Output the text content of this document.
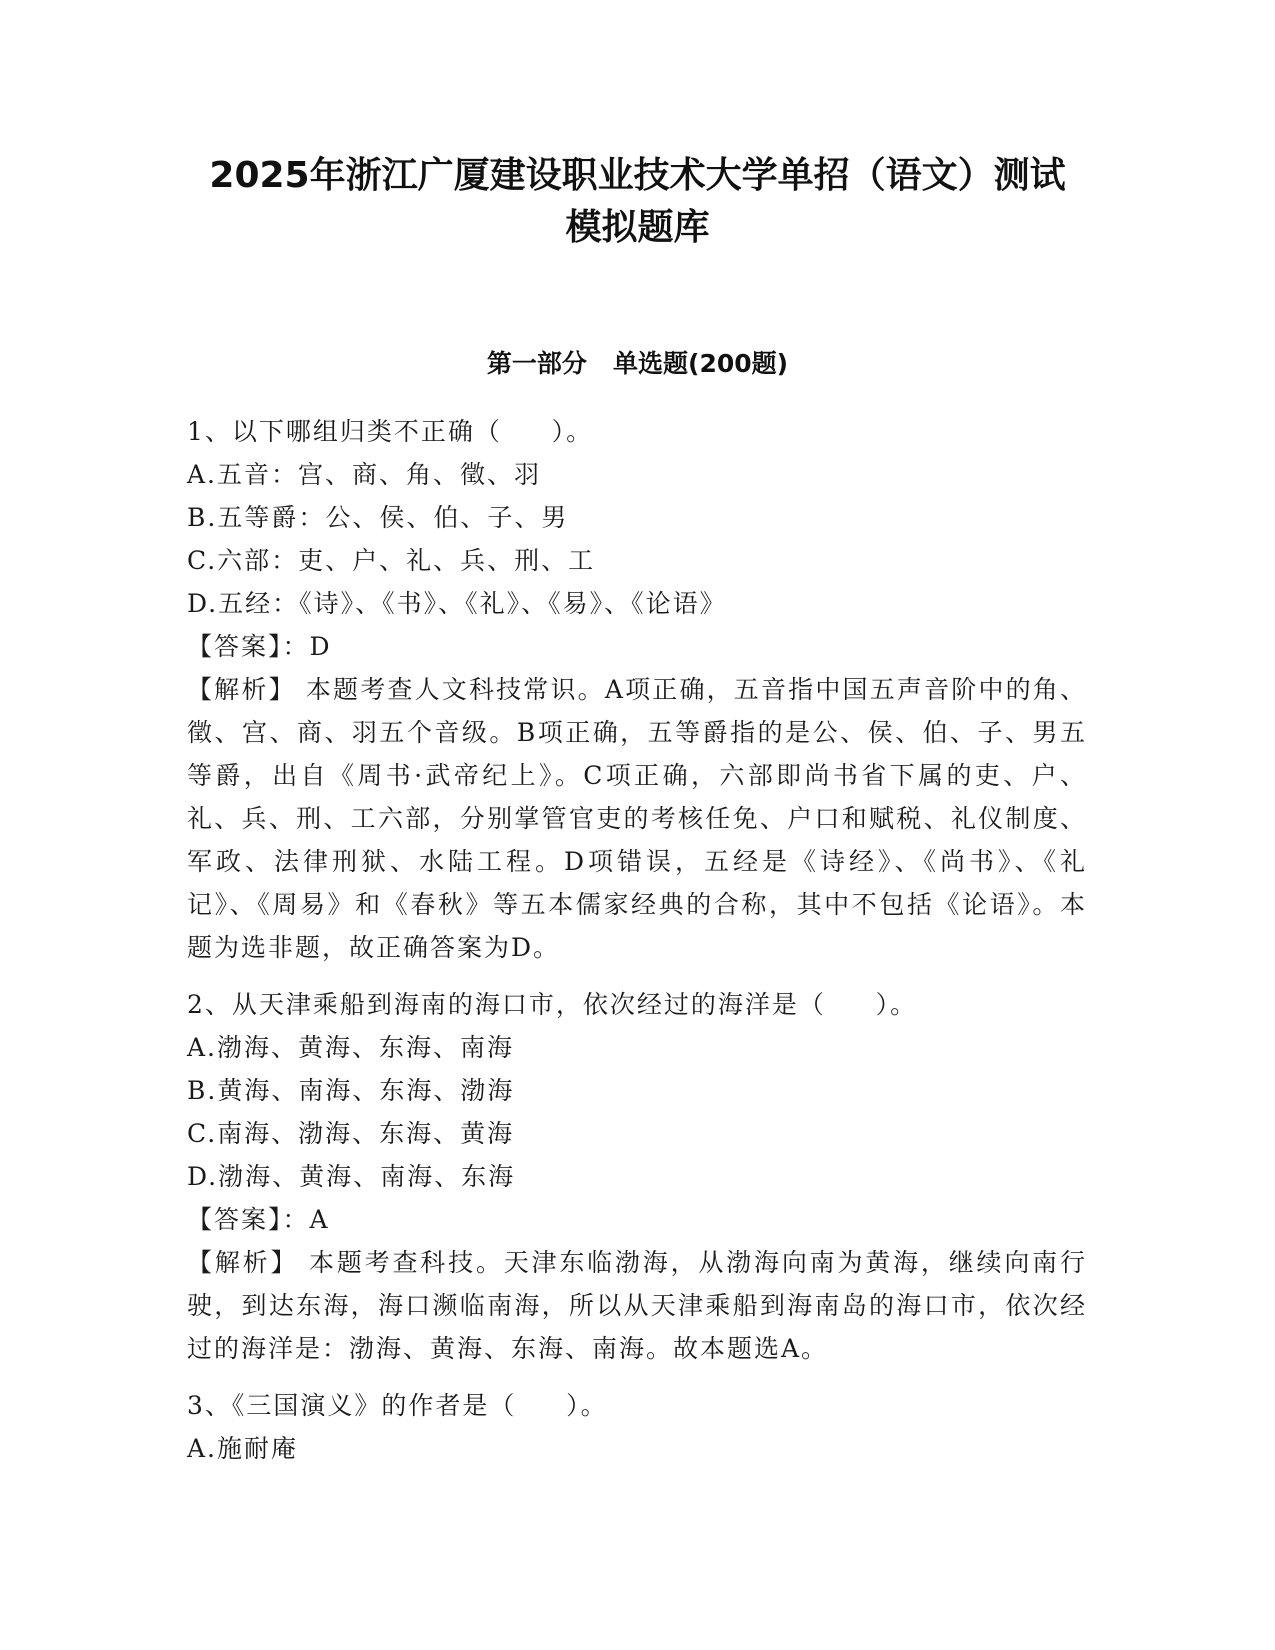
2025年浙江广厦建设职业技术大学单招（语文）测试
模拟题库
第一部分   单选题(200题)
1、以下哪组归类不正确（     ）。
A.五音：宫、商、角、徵、羽
B.五等爵：公、侯、伯、子、男
C.六部：吏、户、礼、兵、刑、工
D.五经：《诗》、《书》、《礼》、《易》、《论语》
【答案】：D
【解析】 本题考查人文科技常识。A项正确，五音指中国五声音阶中的角、徵、宫、商、羽五个音级。B项正确，五等爵指的是公、侯、伯、子、男五等爵，出自《周书·武帝纪上》。C项正确，六部即尚书省下属的吏、户、礼、兵、刑、工六部，分别掌管官吏的考核任免、户口和赋税、礼仪制度、军政、法律刑狱、水陆工程。D项错误，五经是《诗经》、《尚书》、《礼记》、《周易》和《春秋》等五本儒家经典的合称，其中不包括《论语》。本题为选非题，故正确答案为D。
2、从天津乘船到海南的海口市，依次经过的海洋是（     ）。
A.渤海、黄海、东海、南海
B.黄海、南海、东海、渤海
C.南海、渤海、东海、黄海
D.渤海、黄海、南海、东海
【答案】：A
【解析】 本题考查科技。天津东临渤海，从渤海向南为黄海，继续向南行驶，到达东海，海口濒临南海，所以从天津乘船到海南岛的海口市，依次经过的海洋是：渤海、黄海、东海、南海。故本题选A。
3、《三国演义》的作者是（     ）。
A.施耐庵
